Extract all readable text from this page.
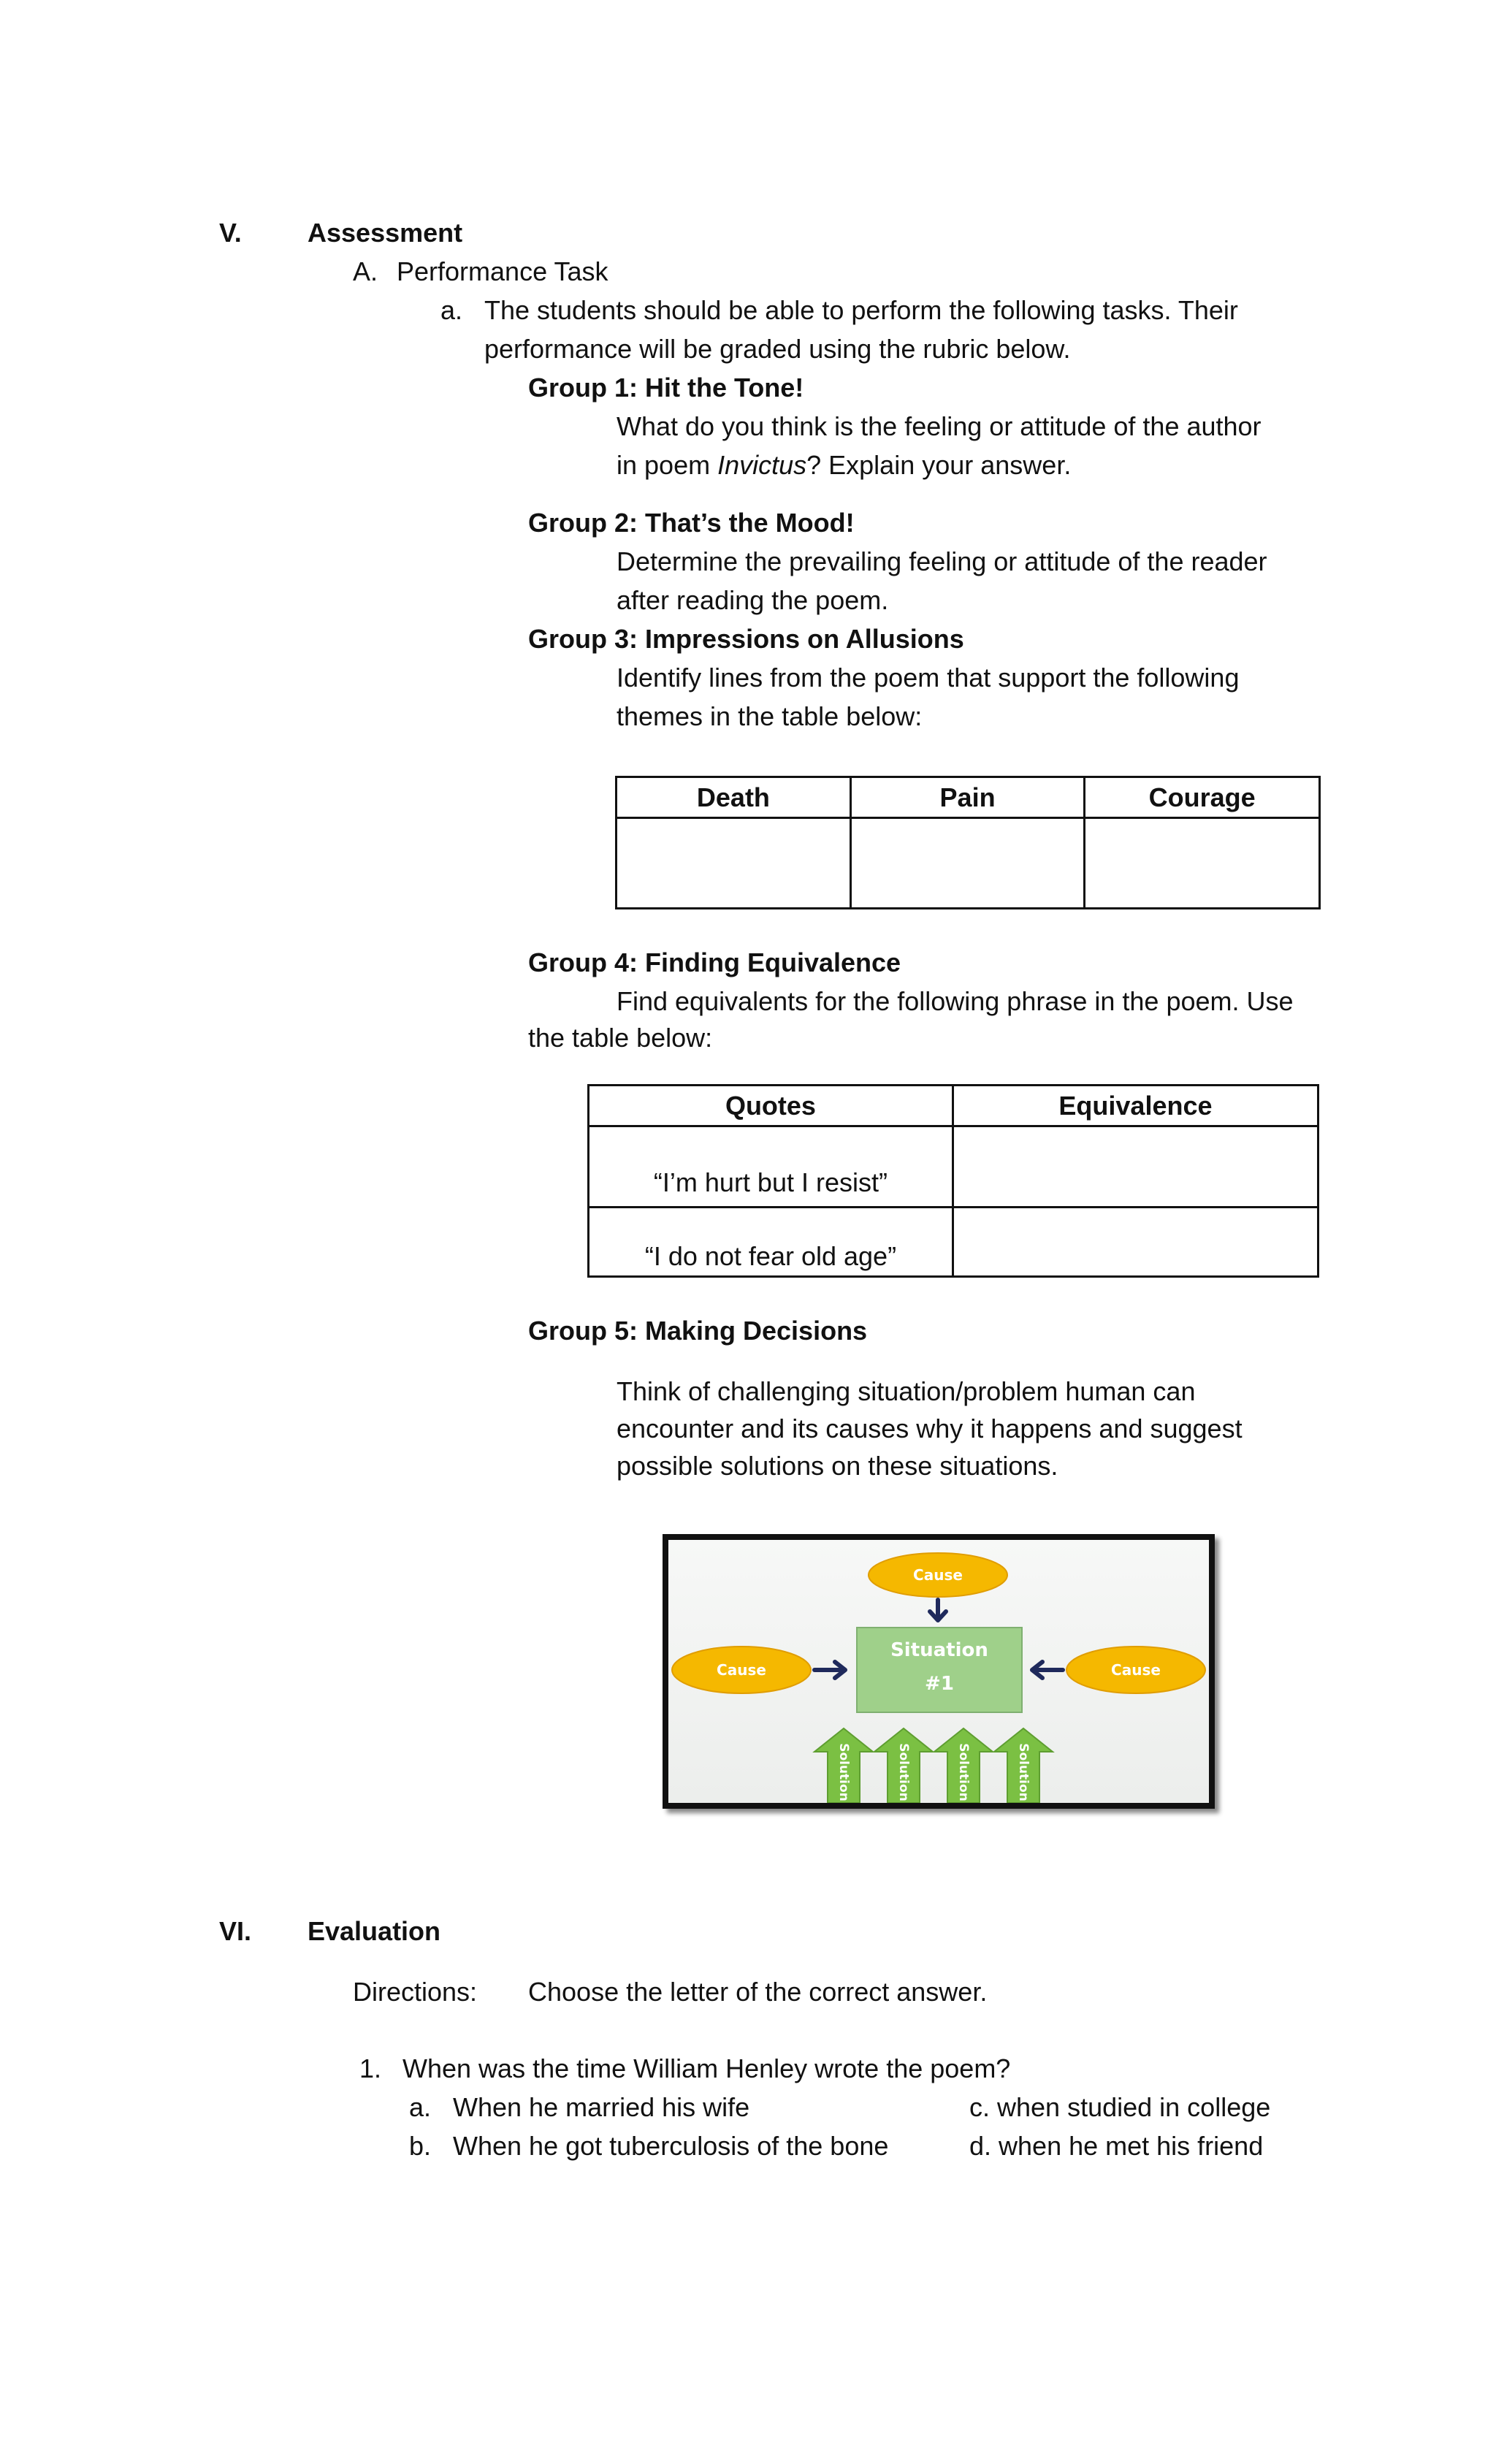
V.	Assessment
A. Performance Task
a. The students should be able to perform the following tasks. Their
performance will be graded using the rubric below.
Group 1: Hit the Tone!
What do you think is the feeling or attitude of the author
in poem Invictus? Explain your answer.
Group 2: That’s the Mood!
Determine the prevailing feeling or attitude of the reader
after reading the poem.
Group 3: Impressions on Allusions
Identify lines from the poem that support the following
themes in the table below:
Death	Pain	Courage

Group 4: Finding Equivalence
Find equivalents for the following phrase in the poem. Use
the table below:
Quotes	Equivalence
“I’m hurt but I resist”	
“I do not fear old age”	
Group 5: Making Decisions
Think of challenging situation/problem human can
encounter and its causes why it happens and suggest
possible solutions on these situations.
Cause
Cause	Cause
Situation
#1
Solution	Solution	Solution	Solution
VI. Evaluation
Directions: Choose the letter of the correct answer.
1. When was the time William Henley wrote the poem?
a. When he married his wife
b. When he got tuberculosis of the bone
c. when studied in college
d. when he met his friend
